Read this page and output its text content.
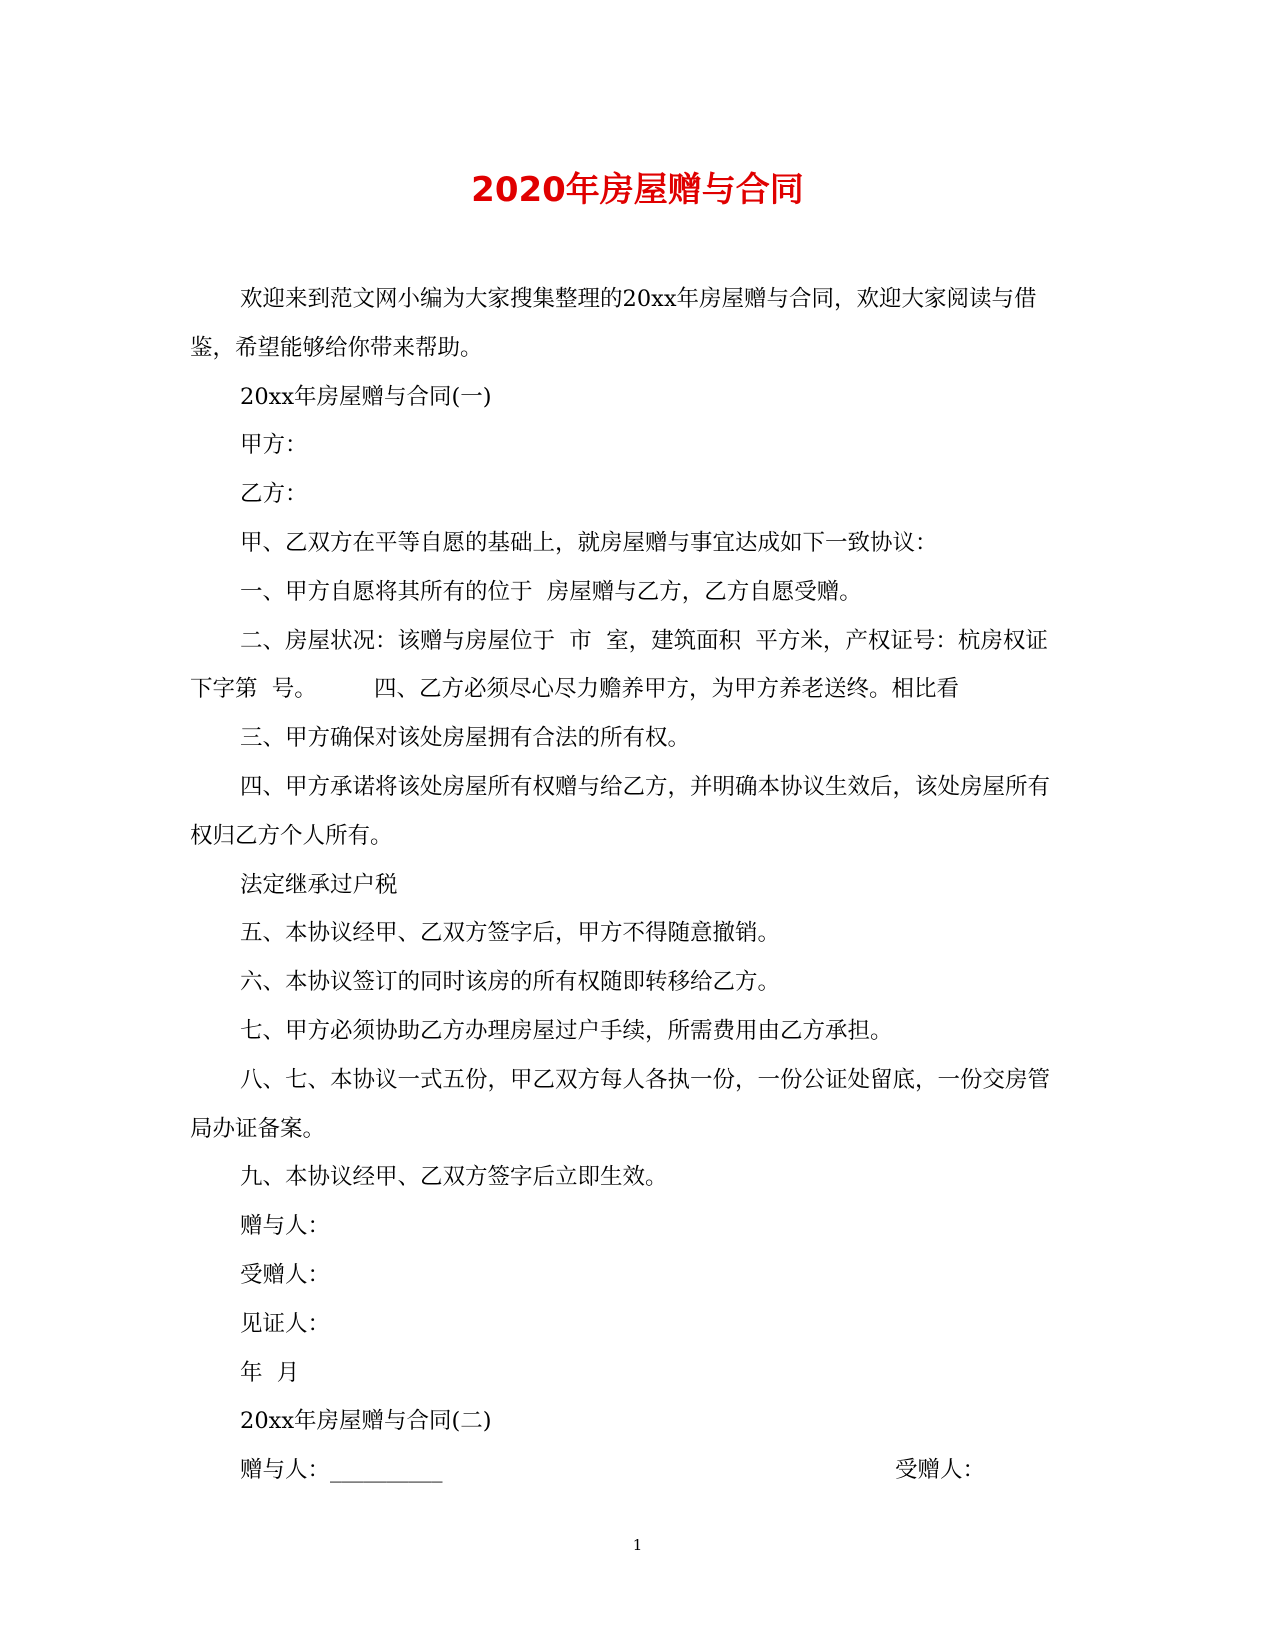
2020年房屋赠与合同

欢迎来到范文网小编为大家搜集整理的20xx年房屋赠与合同，欢迎大家阅读与借鉴，希望能够给你带来帮助。

20xx年房屋赠与合同(一)

甲方：

乙方：

甲、乙双方在平等自愿的基础上，就房屋赠与事宜达成如下一致协议：

一、甲方自愿将其所有的位于  房屋赠与乙方，乙方自愿受赠。

二、房屋状况：该赠与房屋位于  市  室，建筑面积  平方米，产权证号：杭房权证下字第  号。        四、乙方必须尽心尽力赡养甲方，为甲方养老送终。相比看

三、甲方确保对该处房屋拥有合法的所有权。

四、甲方承诺将该处房屋所有权赠与给乙方，并明确本协议生效后，该处房屋所有权归乙方个人所有。

法定继承过户税

五、本协议经甲、乙双方签字后，甲方不得随意撤销。

六、本协议签订的同时该房的所有权随即转移给乙方。

七、甲方必须协助乙方办理房屋过户手续，所需费用由乙方承担。

八、七、本协议一式五份，甲乙双方每人各执一份，一份公证处留底，一份交房管局办证备案。

九、本协议经甲、乙双方签字后立即生效。

赠与人：

受赠人：

见证人：

年  月

20xx年房屋赠与合同(二)

赠与人：__________	受赠人：
1
